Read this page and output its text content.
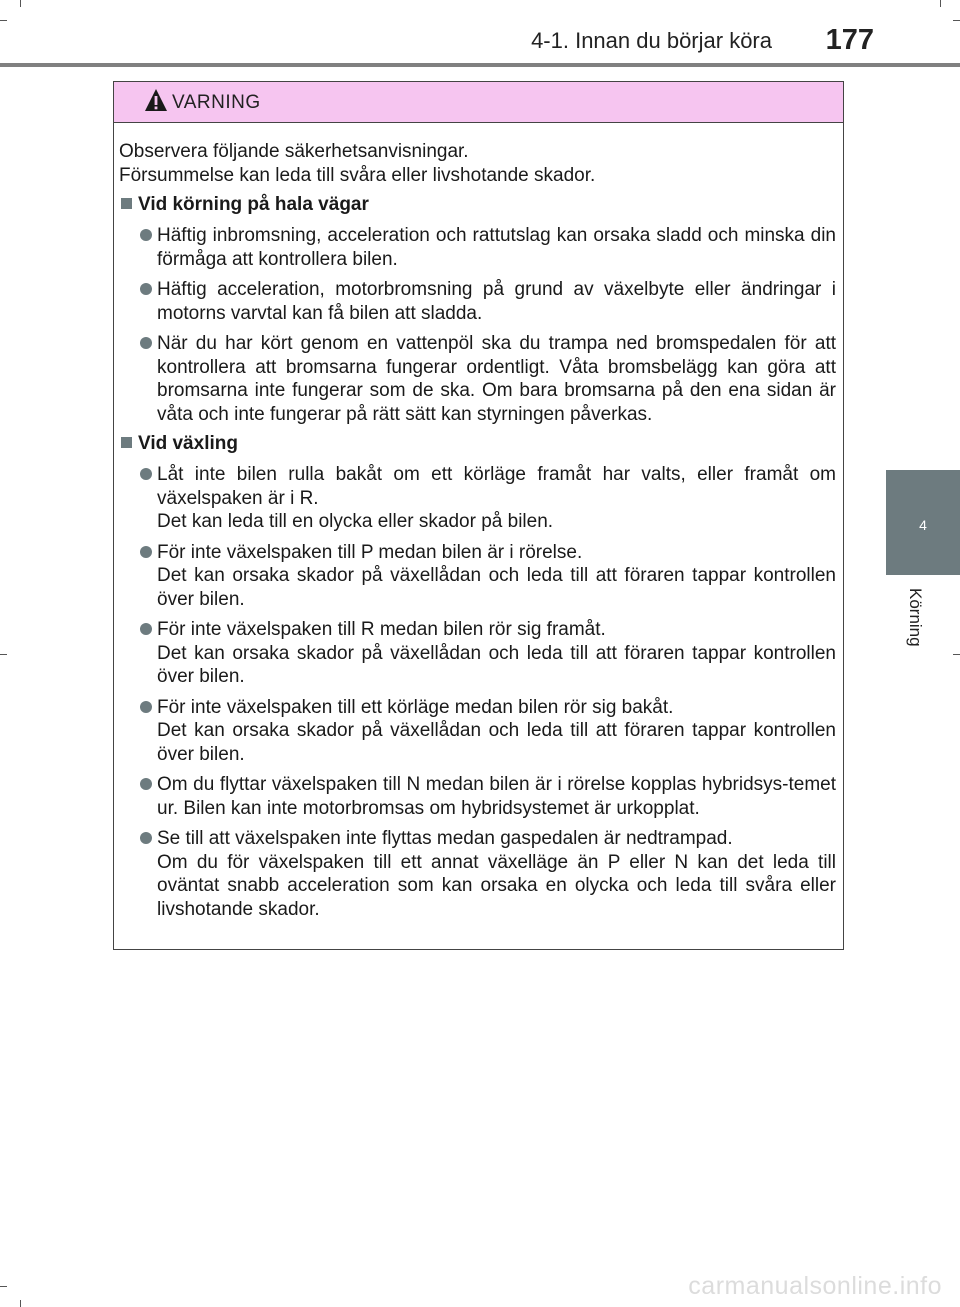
4-1. Innan du börjar köra 177
4
Körning
VARNING

Observera följande säkerhetsanvisningar.

Försummelse kan leda till svåra eller livshotande skador.

Vid körning på hala vägar

Häftig inbromsning, acceleration och rattutslag kan orsaka sladd och minska din förmåga att kontrollera bilen.

Häftig acceleration, motorbromsning på grund av växelbyte eller ändringar i motorns varvtal kan få bilen att sladda.

När du har kört genom en vattenpöl ska du trampa ned bromspedalen för att kontrollera att bromsarna fungerar ordentligt. Våta bromsbelägg kan göra att bromsarna inte fungerar som de ska. Om bara bromsarna på den ena sidan är våta och inte fungerar på rätt sätt kan styrningen påverkas.

Vid växling

Låt inte bilen rulla bakåt om ett körläge framåt har valts, eller framåt om växelspaken är i R.

Det kan leda till en olycka eller skador på bilen.

För inte växelspaken till P medan bilen är i rörelse.

Det kan orsaka skador på växellådan och leda till att föraren tappar kontrollen över bilen.

För inte växelspaken till R medan bilen rör sig framåt.

Det kan orsaka skador på växellådan och leda till att föraren tappar kontrollen över bilen.

För inte växelspaken till ett körläge medan bilen rör sig bakåt.

Det kan orsaka skador på växellådan och leda till att föraren tappar kontrollen över bilen.

Om du flyttar växelspaken till N medan bilen är i rörelse kopplas hybridsys-temet ur. Bilen kan inte motorbromsas om hybridsystemet är urkopplat.

Se till att växelspaken inte flyttas medan gaspedalen är nedtrampad.

Om du för växelspaken till ett annat växelläge än P eller N kan det leda till oväntat snabb acceleration som kan orsaka en olycka och leda till svåra eller livshotande skador.

carmanualsonline.info
